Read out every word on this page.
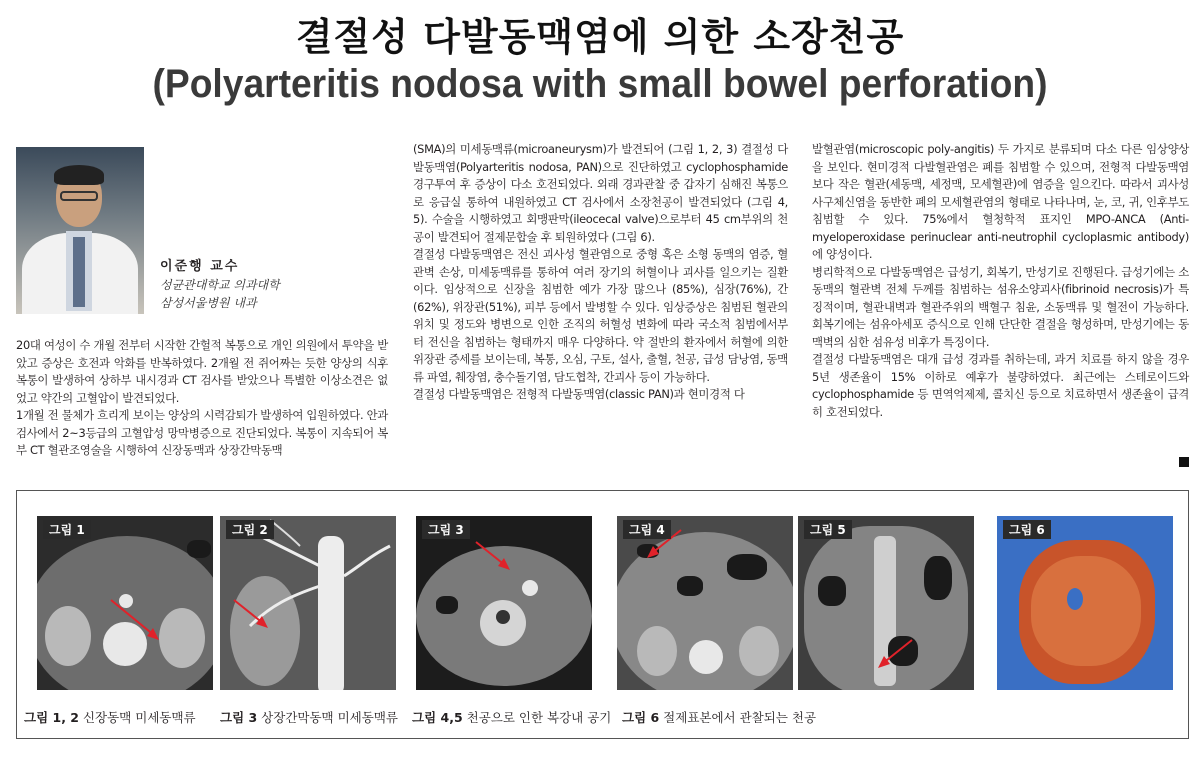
결절성 다발동맥염에 의한 소장천공
(Polyarteritis nodosa with small bowel perforation)
이준행 교수
성균관대학교 의과대학
삼성서울병원 내과

20대 여성이 수 개월 전부터 시작한 간헐적 복통으로 개인 의원에서 투약을 받았고 증상은 호전과 악화를 반복하였다. 2개월 전 쥐어짜는 듯한 양상의 식후 복통이 발생하여 상하부 내시경과 CT 검사를 받았으나 특별한 이상소견은 없었고 약간의 고혈압이 발견되었다.

1개월 전 물체가 흐리게 보이는 양상의 시력감퇴가 발생하여 입원하였다. 안과 검사에서 2~3등급의 고혈압성 망막병증으로 진단되었다. 복통이 지속되어 복부 CT 혈관조영술을 시행하여 신장동맥과 상장간막동맥

(SMA)의 미세동맥류(microaneurysm)가 발견되어 (그림 1, 2, 3) 결절성 다발동맥염(Polyarteritis nodosa, PAN)으로 진단하였고 cyclophosphamide 경구투여 후 증상이 다소 호전되었다. 외래 경과관찰 중 갑자기 심해진 복통으로 응급실 통하여 내원하였고 CT 검사에서 소장천공이 발견되었다 (그림 4, 5). 수술을 시행하였고 회맹판막(ileocecal valve)으로부터 45 cm부위의 천공이 발견되어 절제문합술 후 퇴원하였다 (그림 6).

결절성 다발동맥염은 전신 괴사성 혈관염으로 중형 혹은 소형 동맥의 염증, 혈관벽 손상, 미세동맥류를 통하여 여러 장기의 허혈이나 괴사를 일으키는 질환이다. 임상적으로 신장을 침범한 예가 가장 많으나 (85%), 심장(76%), 간(62%), 위장관(51%), 피부 등에서 발병할 수 있다. 임상증상은 침범된 혈관의 위치 및 정도와 병변으로 인한 조직의 허혈성 변화에 따라 국소적 침범에서부터 전신을 침범하는 형태까지 매우 다양하다. 약 절반의 환자에서 허혈에 의한 위장관 증세를 보이는데, 복통, 오심, 구토, 설사, 출혈, 천공, 급성 담낭염, 동맥류 파열, 췌장염, 충수돌기염, 담도협착, 간괴사 등이 가능하다.

결절성 다발동맥염은 전형적 다발동맥염(classic PAN)과 현미경적 다

발혈관염(microscopic poly-angitis) 두 가지로 분류되며 다소 다른 임상양상을 보인다. 현미경적 다발혈관염은 폐를 침범할 수 있으며, 전형적 다발동맥염보다 작은 혈관(세동맥, 세정맥, 모세혈관)에 염증을 일으킨다. 따라서 괴사성 사구체신염을 동반한 폐의 모세혈관염의 형태로 나타나며, 눈, 코, 귀, 인후부도 침범할 수 있다. 75%에서 혈청학적 표지인 MPO-ANCA (Anti-myeloperoxidase perinuclear anti-neutrophil cycloplasmic antibody)에 양성이다.

병리학적으로 다발동맥염은 급성기, 회복기, 만성기로 진행된다. 급성기에는 소동맥의 혈관벽 전체 두께를 침범하는 섬유소양괴사(fibrinoid necrosis)가 특징적이며, 혈관내벽과 혈관주위의 백혈구 침윤, 소동맥류 및 혈전이 가능하다. 회복기에는 섬유아세포 증식으로 인해 단단한 결절을 형성하며, 만성기에는 동맥벽의 심한 섬유성 비후가 특징이다.

결절성 다발동맥염은 대개 급성 경과를 취하는데, 과거 치료를 하지 않을 경우 5년 생존율이 15% 이하로 예후가 불량하였다. 최근에는 스테로이드와 cyclophosphamide 등 면역억제제, 콜치신 등으로 치료하면서 생존율이 급격히 호전되었다.

그림 1	그림 2	그림 3	그림 4	그림 5	그림 6
그림 1, 2 신장동맥 미세동맥류 그림 3 상장간막동맥 미세동맥류 그림 4,5 천공으로 인한 복강내 공기 그림 6 절제표본에서 관찰되는 천공
